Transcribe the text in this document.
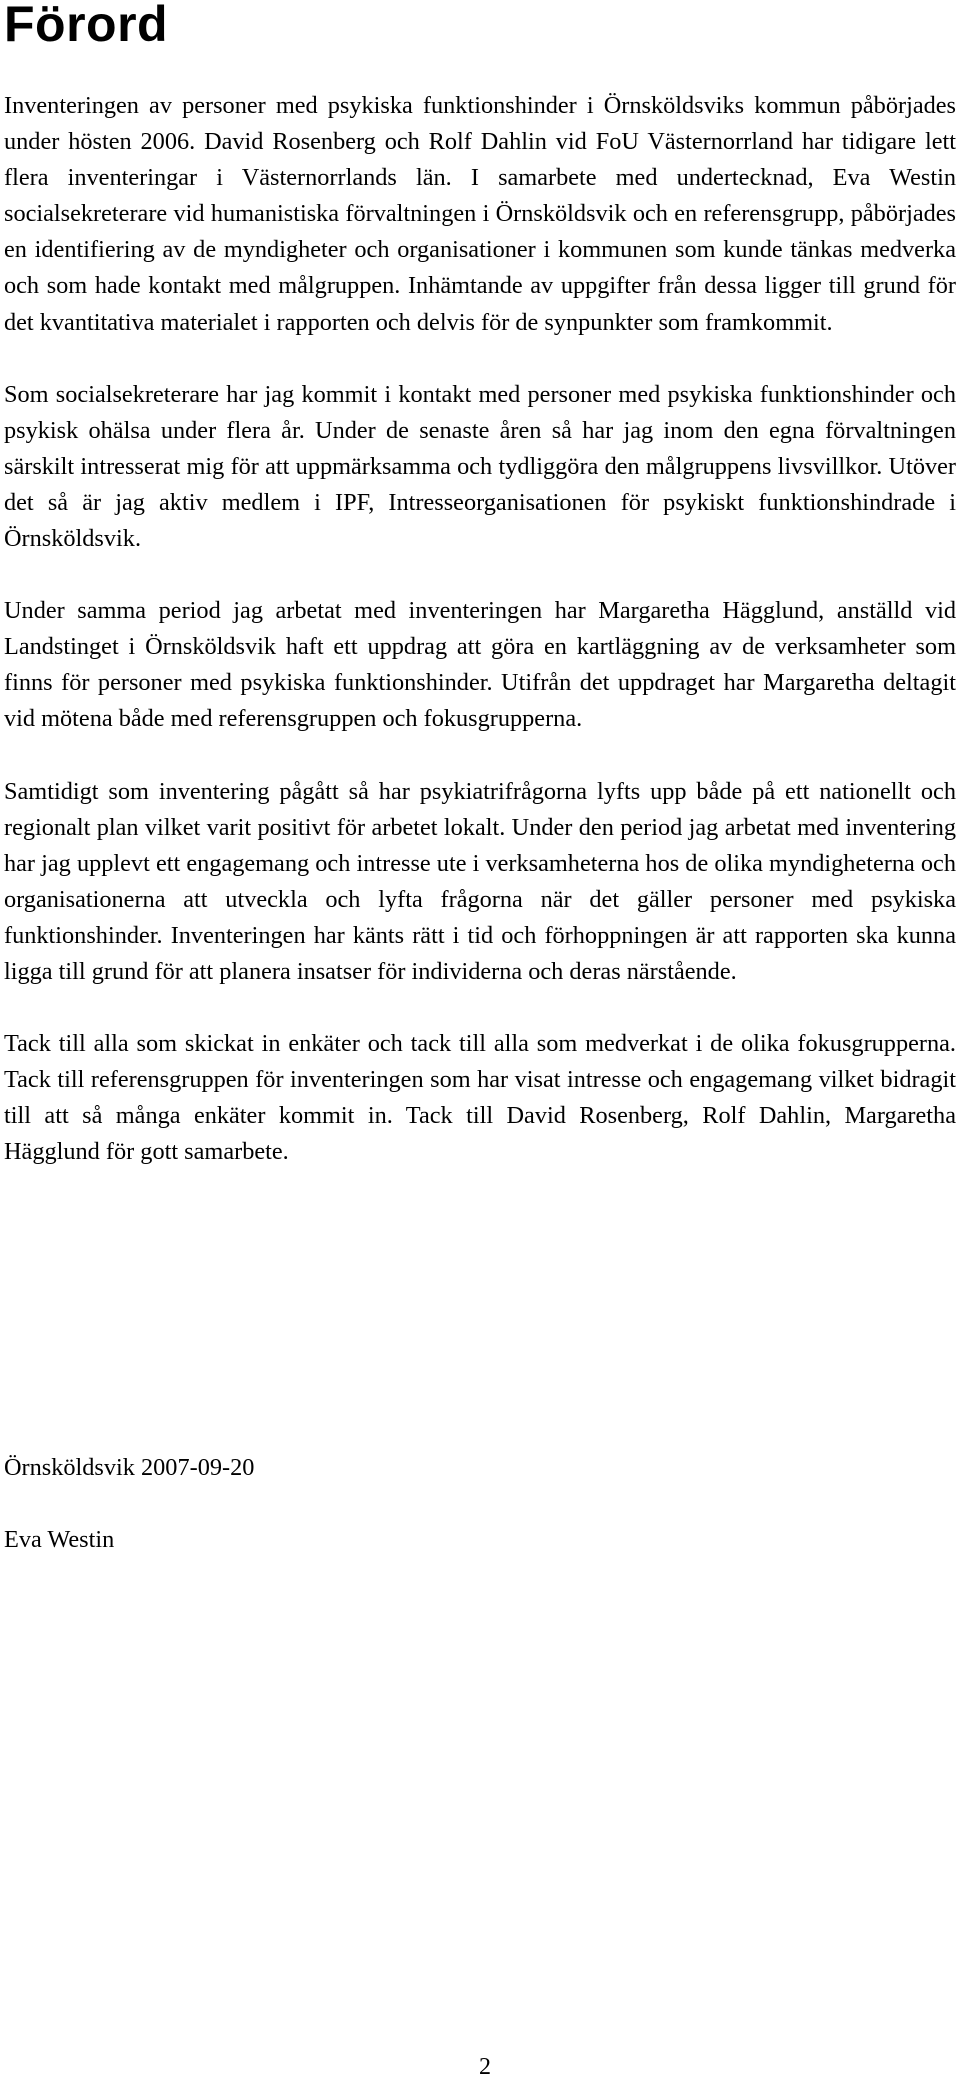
Förord

Inventeringen av personer med psykiska funktionshinder i Örnsköldsviks kommun påbörjades under hösten 2006. David Rosenberg och Rolf Dahlin vid FoU Västernorrland har tidigare lett flera inventeringar i Västernorrlands län. I samarbete med undertecknad, Eva Westin socialsekreterare vid humanistiska förvaltningen i Örnsköldsvik och en referensgrupp, påbörjades en identifiering av de myndigheter och organisationer i kommunen som kunde tänkas medverka och som hade kontakt med målgruppen. Inhämtande av uppgifter från dessa ligger till grund för det kvantitativa materialet i rapporten och delvis för de synpunkter som framkommit.

Som socialsekreterare har jag kommit i kontakt med personer med psykiska funktionshinder och psykisk ohälsa under flera år. Under de senaste åren så har jag inom den egna förvaltningen särskilt intresserat mig för att uppmärksamma och tydliggöra den målgruppens livsvillkor. Utöver det så är jag aktiv medlem i IPF, Intresseorganisationen för psykiskt funktionshindrade i Örnsköldsvik.

Under samma period jag arbetat med inventeringen har Margaretha Hägglund, anställd vid Landstinget i Örnsköldsvik haft ett uppdrag att göra en kartläggning av de verksamheter som finns för personer med psykiska funktionshinder. Utifrån det uppdraget har Margaretha deltagit vid mötena både med referensgruppen och fokusgrupperna.

Samtidigt som inventering pågått så har psykiatrifrågorna lyfts upp både på ett nationellt och regionalt plan vilket varit positivt för arbetet lokalt. Under den period jag arbetat med inventering har jag upplevt ett engagemang och intresse ute i verksamheterna hos de olika myndigheterna och organisationerna att utveckla och lyfta frågorna när det gäller personer med psykiska funktionshinder. Inventeringen har känts rätt i tid och förhoppningen är att rapporten ska kunna ligga till grund för att planera insatser för individerna och deras närstående.

Tack till alla som skickat in enkäter och tack till alla som medverkat i de olika fokusgrupperna. Tack till referensgruppen för inventeringen som har visat intresse och engagemang vilket bidragit till att så många enkäter kommit in. Tack till David Rosenberg, Rolf Dahlin, Margaretha Hägglund för gott samarbete.

Örnsköldsvik 2007-09-20

Eva Westin

2
